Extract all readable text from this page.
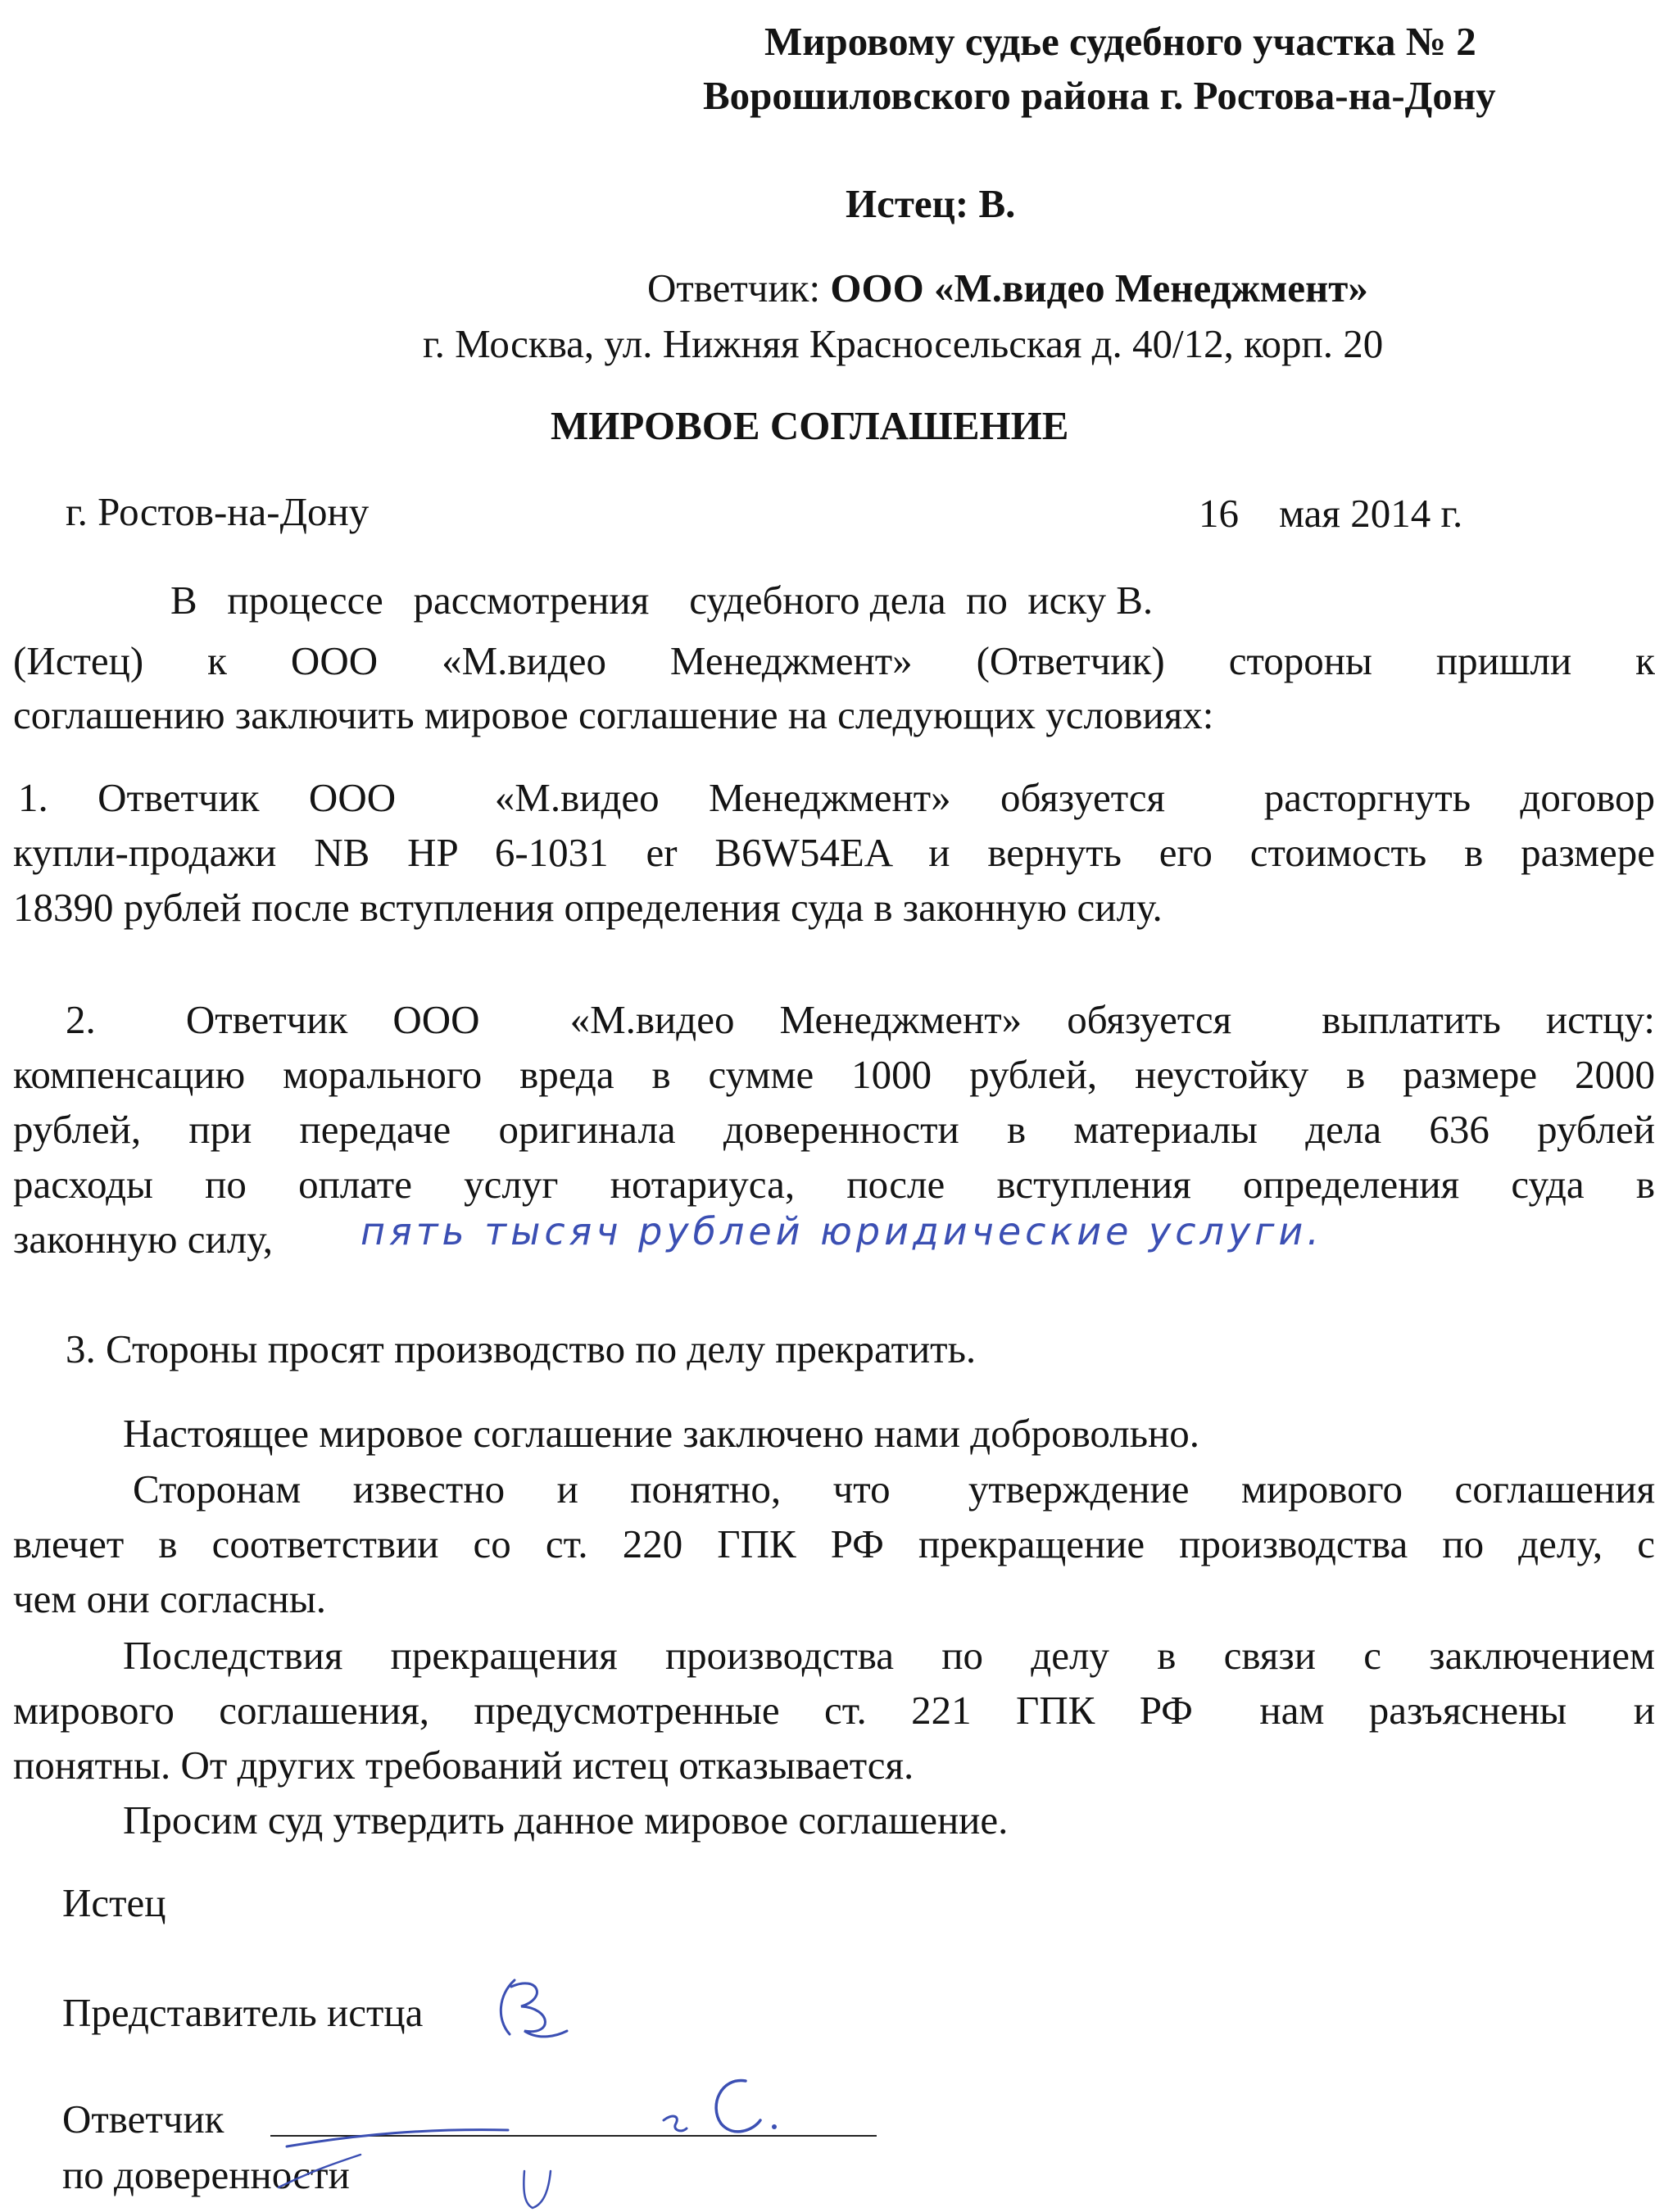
Мировому судье судебного участка № 2
Ворошиловского района г. Ростова-на-Дону
Истец: В.
Ответчик: ООО «М.видео Менеджмент»
г. Москва, ул. Нижняя Красносельская д. 40/12, корп. 20
МИРОВОЕ СОГЛАШЕНИЕ
г. Ростов-на-Дону	16    мая 2014 г.
В   процессе   рассмотрения    судебного дела  по  иску В.
(Истец)  к  ООО  «М.видео  Менеджмент»  (Ответчик)  стороны  пришли  к
соглашению заключить мировое соглашение на следующих условиях:
1. Ответчик ООО  «М.видео Менеджмент» обязуется  расторгнуть договор
купли-продажи NB HP 6-1031 er B6W54EA и вернуть его стоимость в размере
18390 рублей после вступления определения суда в законную силу.
2.  Ответчик ООО  «М.видео Менеджмент» обязуется  выплатить истцу:
компенсацию морального вреда в сумме 1000 рублей, неустойку в размере 2000
рублей, при передаче оригинала доверенности в материалы дела 636 рублей
расходы по оплате услуг нотариуса, после вступления определения суда в
законную силу, пять тысяч рублей юридические услуги.
3. Стороны просят производство по делу прекратить.
Настоящее мировое соглашение заключено нами добровольно.
Сторонам  известно  и  понятно,  что   утверждение  мирового  соглашения
влечет в соответствии со ст. 220 ГПК РФ прекращение производства по делу, с
чем они согласны.
Последствия прекращения производства по делу в связи с заключением
мирового  соглашения,  предусмотренные  ст.  221  ГПК  РФ   нам  разъяснены   и
понятны. От других требований истец отказывается.
Просим суд утвердить данное мировое соглашение.
Истец
Представитель истца
Ответчик
по доверенности
